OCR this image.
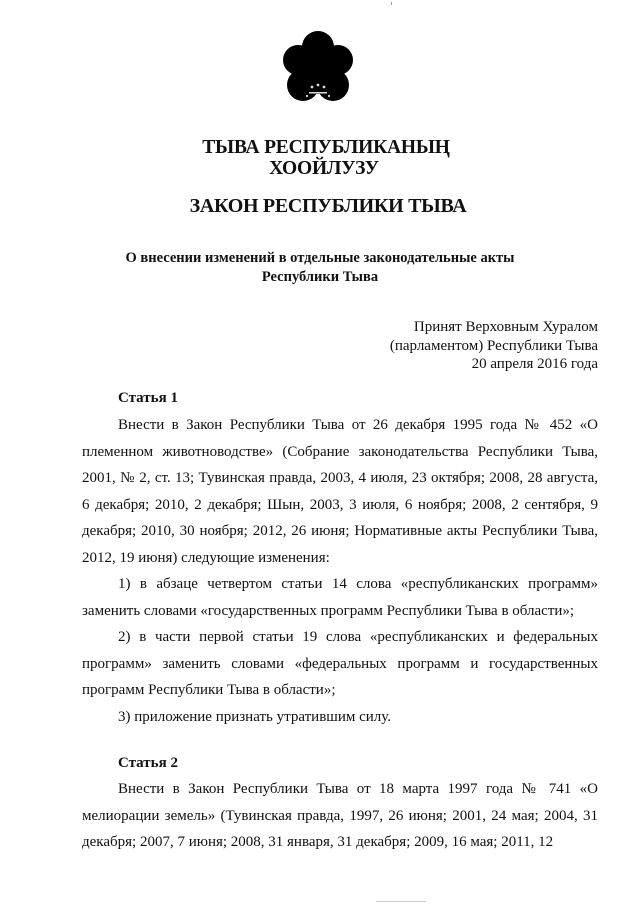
ТЫВА РЕСПУБЛИКАНЫҢ
ХООЙЛУЗУ
ЗАКОН РЕСПУБЛИКИ ТЫВА
О внесении изменений в отдельные законодательные акты
Республики Тыва
Принят Верховным Хуралом
(парламентом) Республики Тыва
20 апреля 2016 года
Статья 1

Внести в Закон Республики Тыва от 26 декабря 1995 года № 452 «О племенном животноводстве» (Собрание законодательства Республики Тыва, 2001, № 2, ст. 13; Тувинская правда, 2003, 4 июля, 23 октября; 2008, 28 августа, 6 декабря; 2010, 2 декабря; Шын, 2003, 3 июля, 6 ноября; 2008, 2 сентября, 9 декабря; 2010, 30 ноября; 2012, 26 июня; Нормативные акты Республики Тыва, 2012, 19 июня) следующие изменения:

1) в абзаце четвертом статьи 14 слова «республиканских программ» заменить словами «государственных программ Республики Тыва в области»;

2) в части первой статьи 19 слова «республиканских и федеральных программ» заменить словами «федеральных программ и государственных программ Республики Тыва в области»;

3) приложение признать утратившим силу.

Статья 2

Внести в Закон Республики Тыва от 18 марта 1997 года № 741 «О мелиорации земель» (Тувинская правда, 1997, 26 июня; 2001, 24 мая; 2004, 31 декабря; 2007, 7 июня; 2008, 31 января, 31 декабря; 2009, 16 мая; 2011, 12
